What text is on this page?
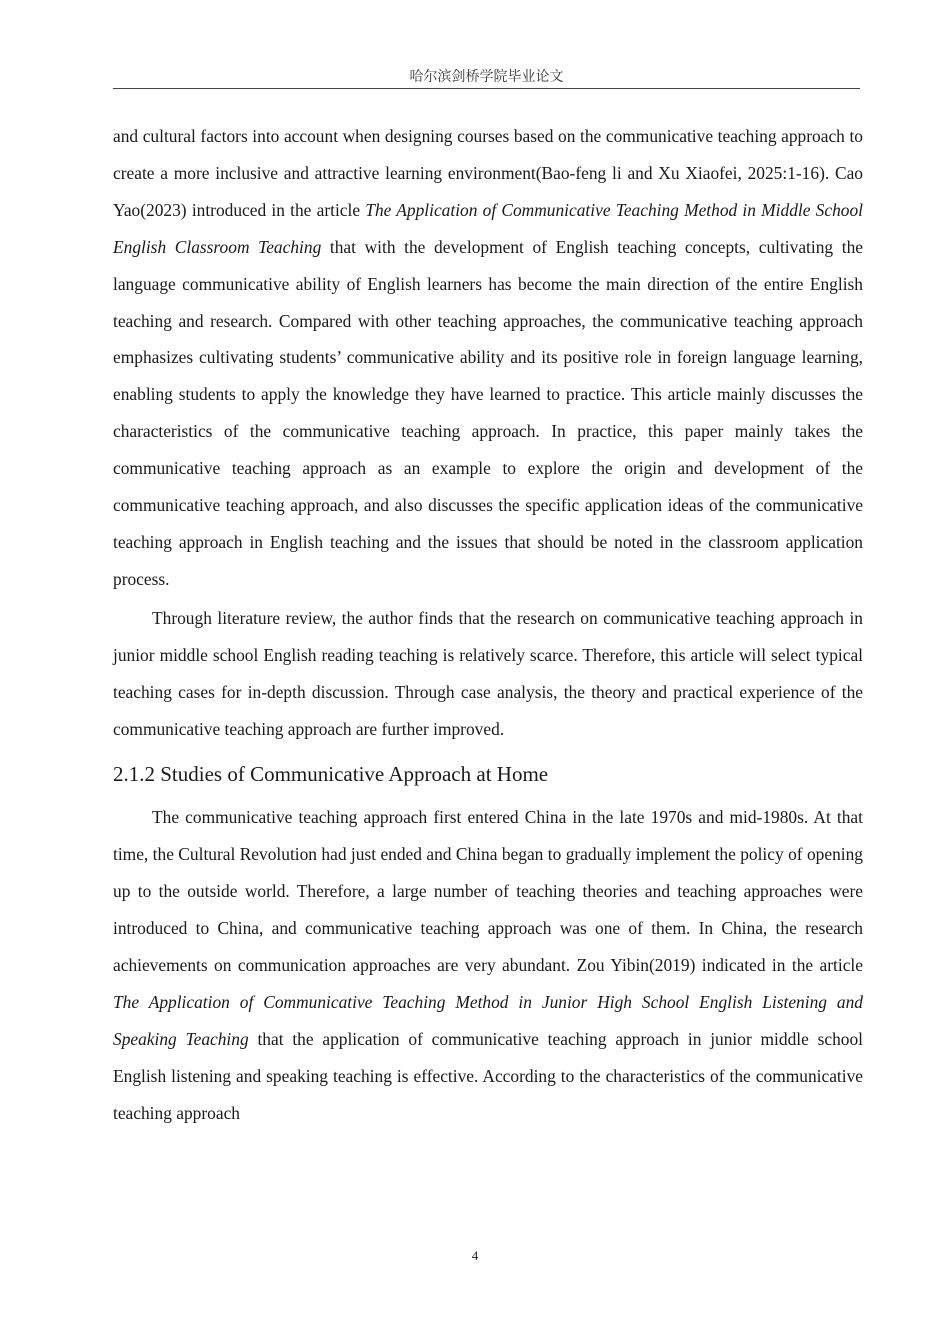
哈尔滨剑桥学院毕业论文

and cultural factors into account when designing courses based on the communicative teaching approach to create a more inclusive and attractive learning environment(Bao-feng li and Xu Xiaofei, 2025:1-16). Cao Yao(2023) introduced in the article The Application of Communicative Teaching Method in Middle School English Classroom Teaching that with the development of English teaching concepts, cultivating the language communicative ability of English learners has become the main direction of the entire English teaching and research. Compared with other teaching approaches, the communicative teaching approach emphasizes cultivating students’ communicative ability and its positive role in foreign language learning, enabling students to apply the knowledge they have learned to practice. This article mainly discusses the characteristics of the communicative teaching approach. In practice, this paper mainly takes the communicative teaching approach as an example to explore the origin and development of the communicative teaching approach, and also discusses the specific application ideas of the communicative teaching approach in English teaching and the issues that should be noted in the classroom application process.

Through literature review, the author finds that the research on communicative teaching approach in junior middle school English reading teaching is relatively scarce. Therefore, this article will select typical teaching cases for in-depth discussion. Through case analysis, the theory and practical experience of the communicative teaching approach are further improved.

2.1.2 Studies of Communicative Approach at Home

The communicative teaching approach first entered China in the late 1970s and mid-1980s. At that time, the Cultural Revolution had just ended and China began to gradually implement the policy of opening up to the outside world. Therefore, a large number of teaching theories and teaching approaches were introduced to China, and communicative teaching approach was one of them. In China, the research achievements on communication approaches are very abundant. Zou Yibin(2019) indicated in the article The Application of Communicative Teaching Method in Junior High School English Listening and Speaking Teaching that the application of communicative teaching approach in junior middle school English listening and speaking teaching is effective. According to the characteristics of the communicative teaching approach

4
